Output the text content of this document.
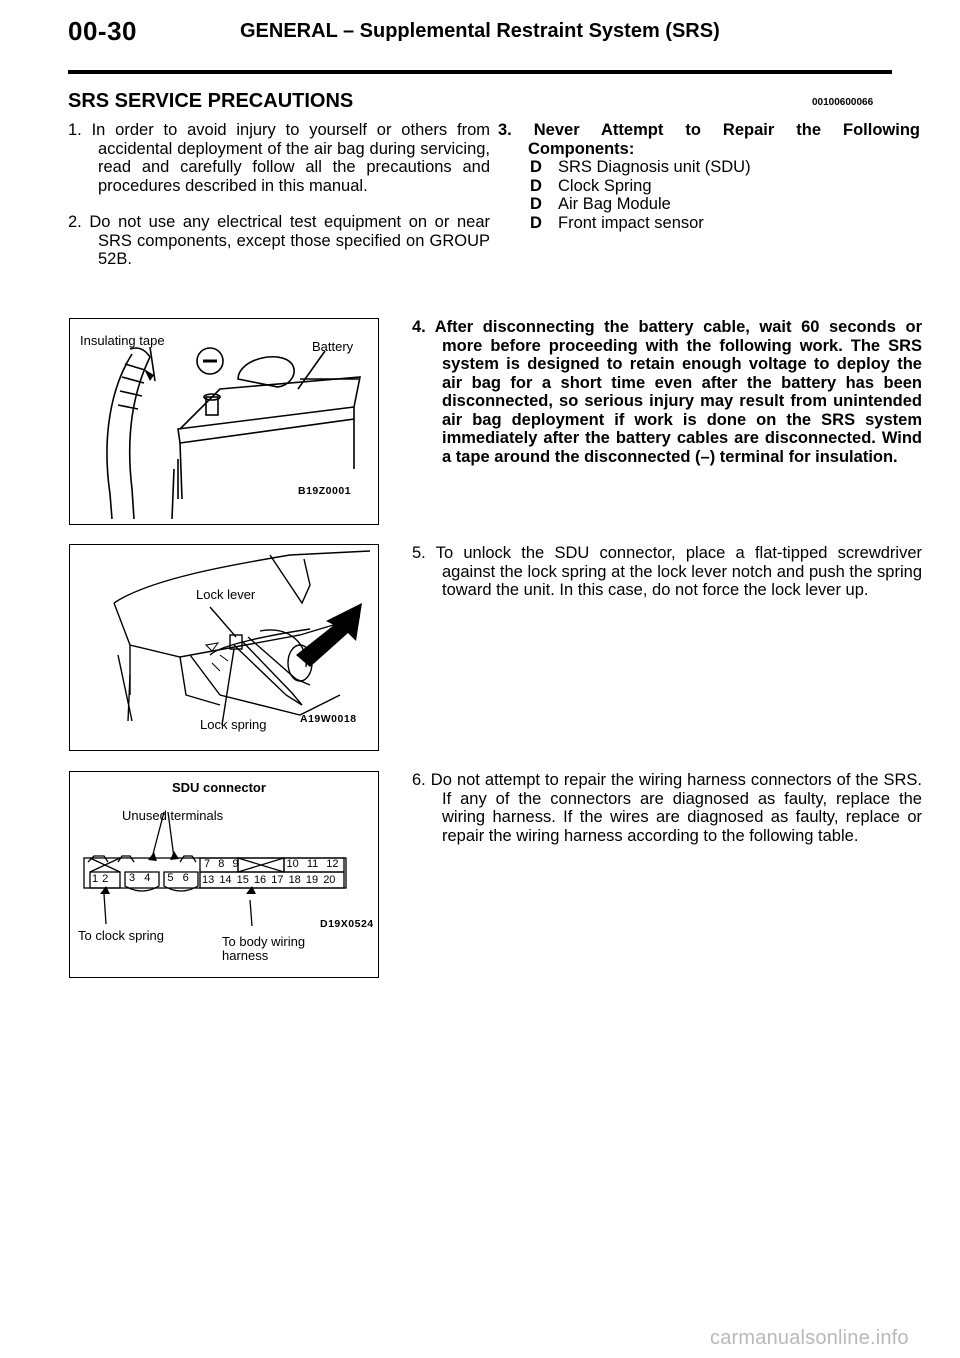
00-30	GENERAL – Supplemental Restraint System (SRS)
SRS SERVICE PRECAUTIONS	00100600066
1. In order to avoid injury to yourself or others from accidental deployment of the air bag during servicing, read and carefully follow all the precautions and procedures described in this manual.
2. Do not use any electrical test equipment on or near SRS components, except those specified on GROUP 52B.
3. Never Attempt to Repair the Following Components:
D SRS Diagnosis unit (SDU)
D Clock Spring
D Air Bag Module
D Front impact sensor
Insulating tape	Battery
B19Z0001
4. After disconnecting the battery cable, wait 60 seconds or more before proceeding with the following work. The SRS system is designed to retain enough voltage to deploy the air bag for a short time even after the battery has been disconnected, so serious injury may result from unintended air bag deployment if work is done on the SRS system immediately after the battery cables are disconnected. Wind a tape around the disconnected (–) terminal for insulation.
Lock lever
Lock spring	A19W0018
5. To unlock the SDU connector, place a flat-tipped screwdriver against the lock spring at the lock lever notch and push the spring toward the unit. In this case, do not force the lock lever up.
SDU connector
Unused terminals
12 3 4 5 6
7 8 9	10 11 12
13 14 15 16 17 18 19 20
To clock spring	To body wiring
harness
D19X0524
6. Do not attempt to repair the wiring harness connectors of the SRS. If any of the connectors are diagnosed as faulty, replace the wiring harness. If the wires are diagnosed as faulty, replace or repair the wiring harness according to the following table.
carmanualsonline.info
